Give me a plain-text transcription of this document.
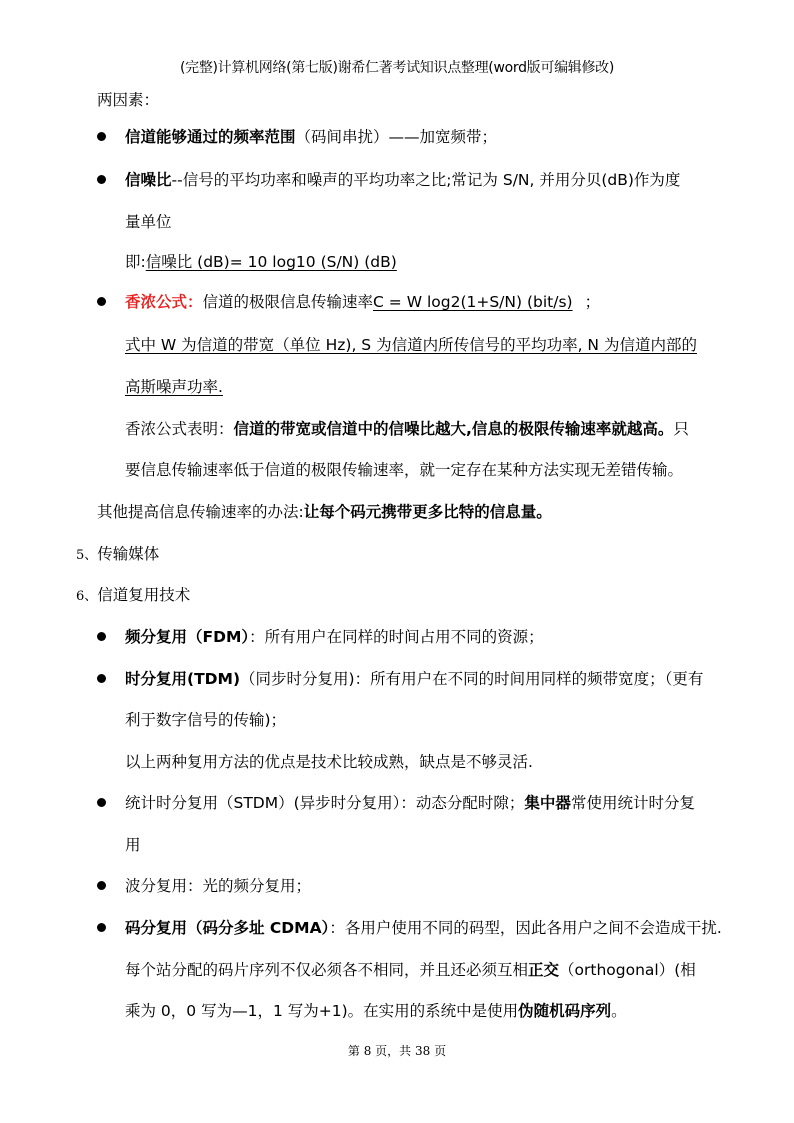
(完整)计算机网络(第七版)谢希仁著考试知识点整理(word版可编辑修改)
两因素：
信道能够通过的频率范围（码间串扰）——加宽频带；
信噪比--信号的平均功率和噪声的平均功率之比;常记为 S/N, 并用分贝(dB)作为度
量单位
即:信噪比 (dB)= 10 log10 (S/N) (dB)
香浓公式：信道的极限信息传输速率C = W log2(1+S/N) (bit/s) ；
式中 W 为信道的带宽（单位 Hz), S 为信道内所传信号的平均功率, N 为信道内部的
高斯噪声功率.
香浓公式表明：信道的带宽或信道中的信噪比越大,信息的极限传输速率就越高。只
要信息传输速率低于信道的极限传输速率，就一定存在某种方法实现无差错传输。
其他提高信息传输速率的办法:让每个码元携带更多比特的信息量。
5、传输媒体
6、信道复用技术
频分复用（FDM）：所有用户在同样的时间占用不同的资源；
时分复用(TDM)（同步时分复用)：所有用户在不同的时间用同样的频带宽度；（更有
利于数字信号的传输)；
以上两种复用方法的优点是技术比较成熟，缺点是不够灵活.
统计时分复用（STDM）(异步时分复用）：动态分配时隙；集中器常使用统计时分复
用
波分复用：光的频分复用；
码分复用（码分多址 CDMA）：各用户使用不同的码型，因此各用户之间不会造成干扰.
每个站分配的码片序列不仅必须各不相同，并且还必须互相正交（orthogonal）(相
乘为 0，0 写为—1，1 写为+1)。在实用的系统中是使用伪随机码序列。
第 8 页，共 38 页
